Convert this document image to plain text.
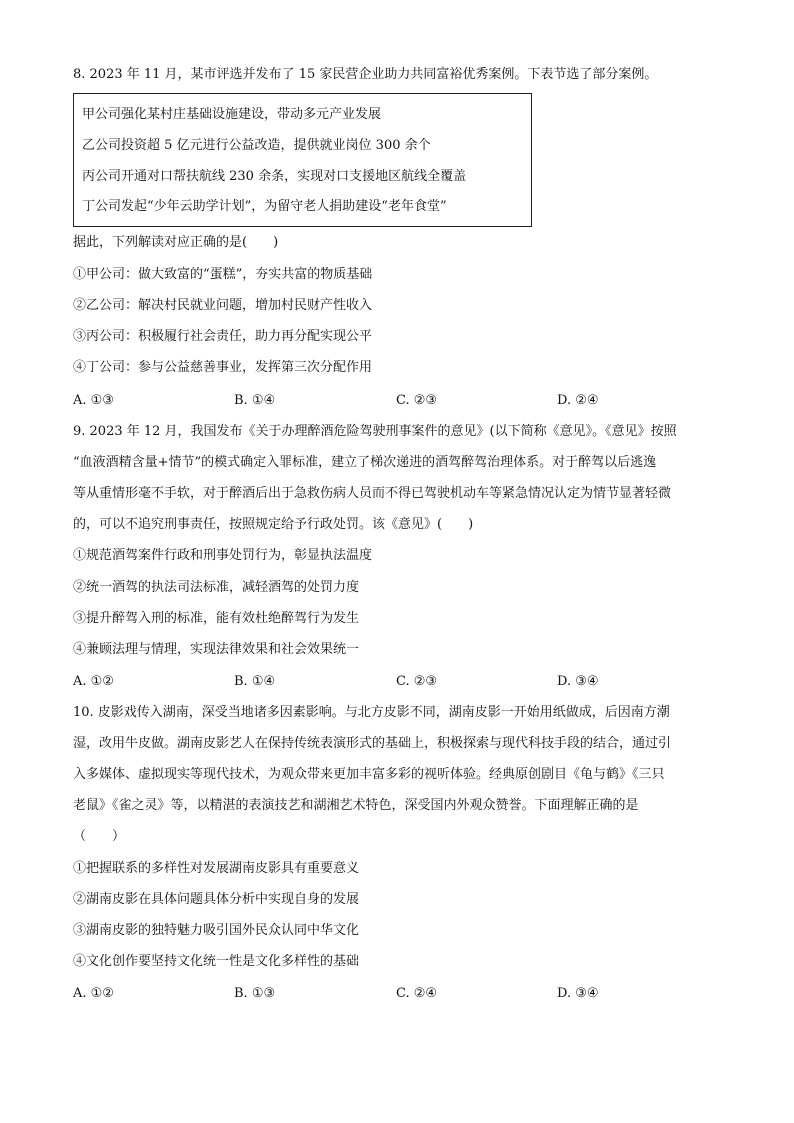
8. 2023 年 11 月，某市评选并发布了 15 家民营企业助力共同富裕优秀案例。下表节选了部分案例。
甲公司强化某村庄基础设施建设，带动多元产业发展
乙公司投资超 5 亿元进行公益改造，提供就业岗位 300 余个
丙公司开通对口帮扶航线 230 余条，实现对口支援地区航线全覆盖
丁公司发起“少年云助学计划”，为留守老人捐助建设“老年食堂”
据此，下列解读对应正确的是(　　)
①甲公司：做大致富的“蛋糕”，夯实共富的物质基础
②乙公司：解决村民就业问题，增加村民财产性收入
③丙公司：积极履行社会责任，助力再分配实现公平
④丁公司：参与公益慈善事业，发挥第三次分配作用
A. ①③	B. ①④	C. ②③	D. ②④
9. 2023 年 12 月，我国发布《关于办理醉酒危险驾驶刑事案件的意见》(以下简称《意见》。《意见》按照
“血液酒精含量+情节”的模式确定入罪标准，建立了梯次递进的酒驾醉驾治理体系。对于醉驾以后逃逸
等从重情形毫不手软，对于醉酒后出于急救伤病人员而不得已驾驶机动车等紧急情况认定为情节显著轻微
的，可以不追究刑事责任，按照规定给予行政处罚。该《意见》(　　)
①规范酒驾案件行政和刑事处罚行为，彰显执法温度
②统一酒驾的执法司法标准，减轻酒驾的处罚力度
③提升醉驾入刑的标准，能有效杜绝醉驾行为发生
④兼顾法理与情理，实现法律效果和社会效果统一
A. ①②	B. ①④	C. ②③	D. ③④
10. 皮影戏传入湖南，深受当地诸多因素影响。与北方皮影不同，湖南皮影一开始用纸做成，后因南方潮
湿，改用牛皮做。湖南皮影艺人在保持传统表演形式的基础上，积极探索与现代科技手段的结合，通过引
入多媒体、虚拟现实等现代技术，为观众带来更加丰富多彩的视听体验。经典原创剧目《龟与鹤》《三只
老鼠》《雀之灵》等，以精湛的表演技艺和湖湘艺术特色，深受国内外观众赞誉。下面理解正确的是
（　　）
①把握联系的多样性对发展湖南皮影具有重要意义
②湖南皮影在具体问题具体分析中实现自身的发展
③湖南皮影的独特魅力吸引国外民众认同中华文化
④文化创作要坚持文化统一性是文化多样性的基础
A. ①②	B. ①③	C. ②④	D. ③④
